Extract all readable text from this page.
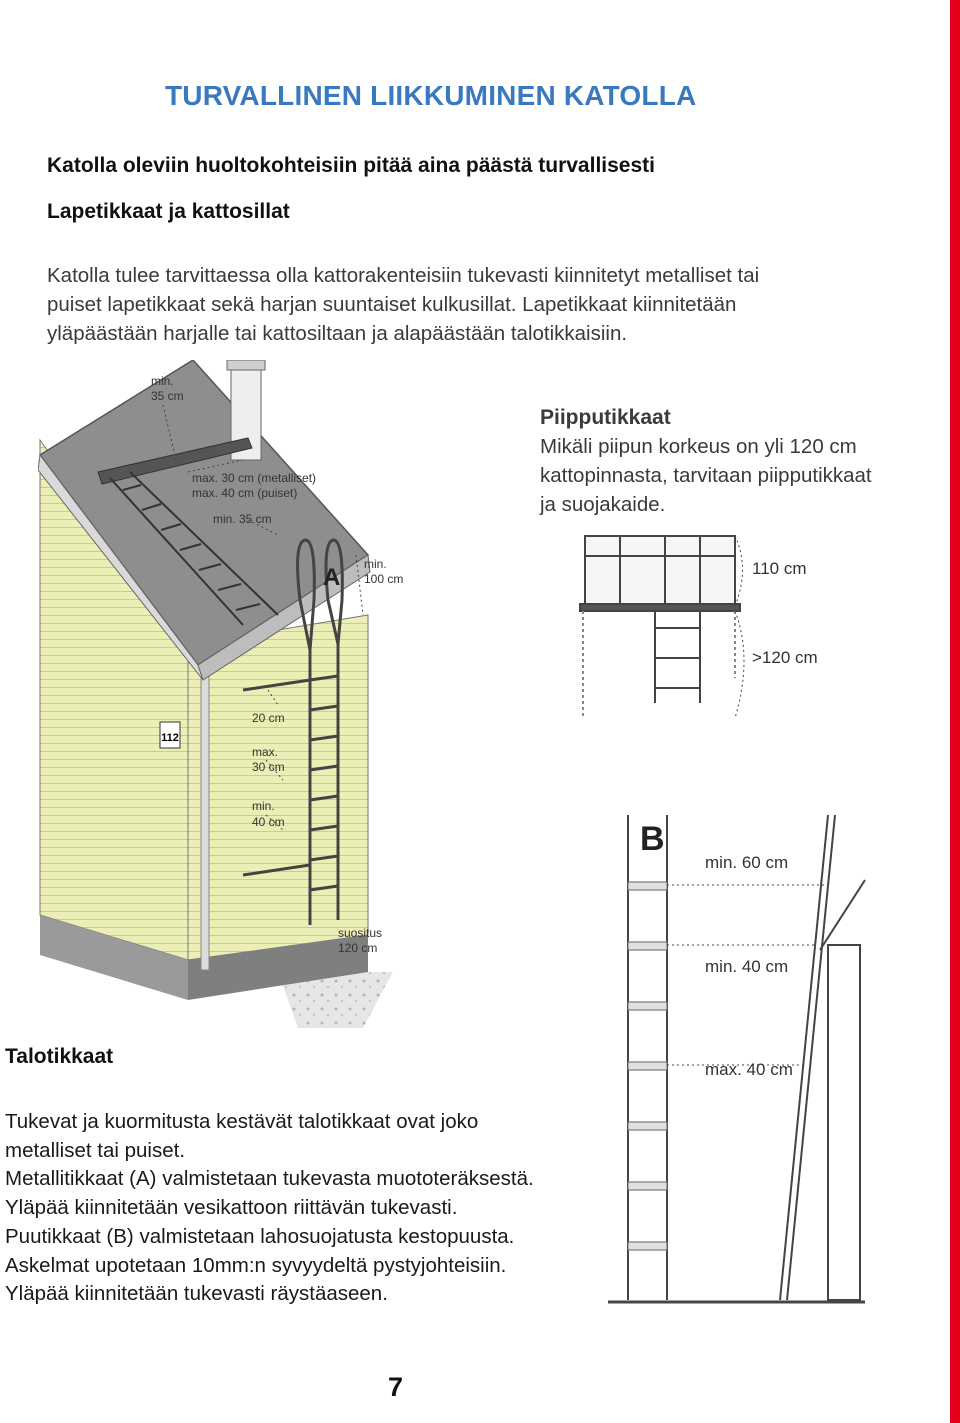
TURVALLINEN LIIKKUMINEN KATOLLA
Katolla oleviin huoltokohteisiin pitää aina päästä turvallisesti
Lapetikkaat ja kattosillat
Katolla tulee tarvittaessa olla kattorakenteisiin tukevasti kiinnitetyt metalliset tai
puiset lapetikkaat sekä harjan suuntaiset kulkusillat. Lapetikkaat kiinnitetään
yläpäästään harjalle tai kattosiltaan ja alapäästään talotikkaisiin.
112
A
min.
35 cm
max. 30 cm (metalliset)
max. 40 cm (puiset)
min. 35 cm
min.
100 cm
20 cm
max.
30 cm
min.
40 cm
suositus
120 cm
Piipputikkaat
Mikäli piipun korkeus on yli 120 cm
kattopinnasta, tarvitaan piipputikkaat
ja suojakaide.
110 cm
>120 cm
B
min. 60 cm
min. 40 cm
max. 40 cm
Talotikkaat
Tukevat ja kuormitusta kestävät talotikkaat ovat joko
metalliset tai puiset.
Metallitikkaat (A) valmistetaan tukevasta muototeräksestä.
Yläpää kiinnitetään vesikattoon riittävän tukevasti.
Puutikkaat (B) valmistetaan lahosuojatusta kestopuusta.
Askelmat upotetaan 10mm:n syvyydeltä pystyjohteisiin.
Yläpää kiinnitetään tukevasti räystäaseen.
7
